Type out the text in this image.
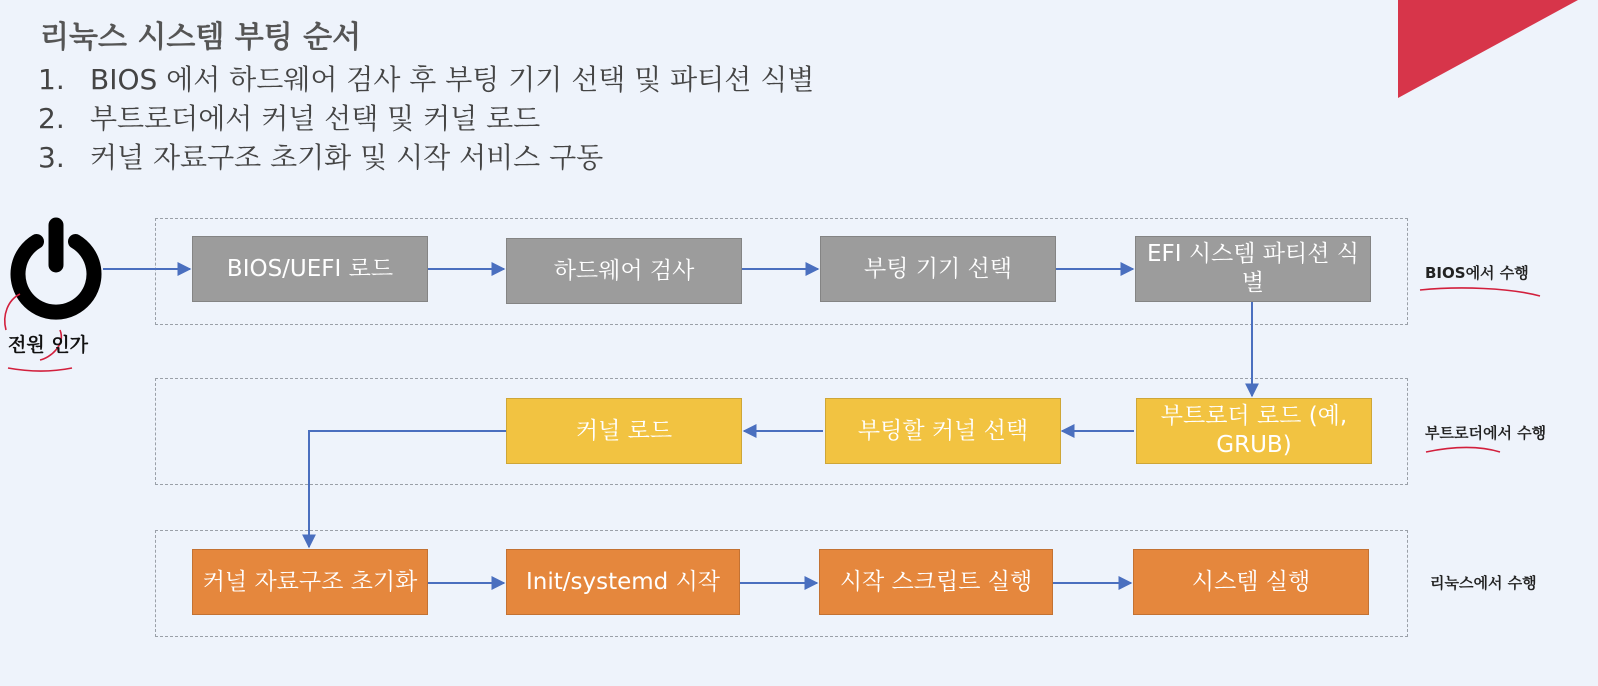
리눅스 시스템 부팅 순서
1. BIOS 에서 하드웨어 검사 후 부팅 기기 선택 및 파티션 식별
2. 부트로더에서 커널 선택 및 커널 로드
3. 커널 자료구조 초기화 및 시작 서비스 구동
전원 인가
BIOS/UEFI 로드	하드웨어 검사	부팅 기기 선택
EFI 시스템 파티션 식별	BIOS에서 수행
부트로더 로드 (예, GRUB)
부팅할 커널 선택
커널 로드	부트로더에서 수행
커널 자료구조 초기화	Init/systemd 시작	시작 스크립트 실행	시스템 실행	리눅스에서 수행
